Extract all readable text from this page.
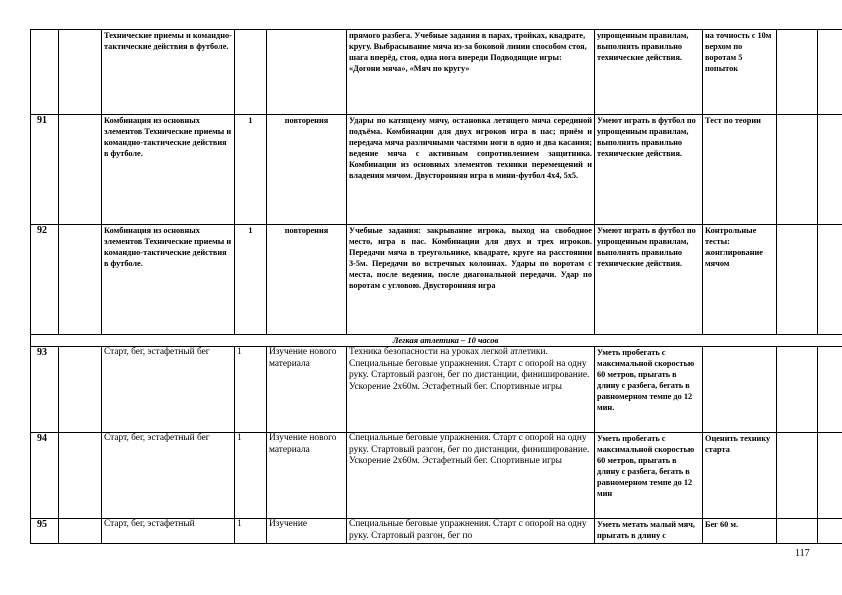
		Технические приемы и командно-тактические действия в футболе.			прямого разбега. Учебные задания в парах, тройках, квадрате, кругу. Выбрасывание мяча из-за боковой линии способом стоя, шага вперёд, стоя, одна нога впереди Подводящие игры: «Догони мяча», «Мяч по кругу»	упрощенным правилам, выполнять правильно технические действия.	на точность с 10м верхом по воротам 5 попыток		
91		Комбинация из основных элементов Технические приемы и командно-тактические действия в футболе.	1	повторения	Удары по катящему мячу, остановка летящего мяча серединой подъёма. Комбинации для двух игроков игра в пас; приём и передача мяча различными частями ноги в одно и два касания; ведение мяча с активным сопротивлением защитника. Комбинации из основных элементов техники перемещений и владения мячом. Двусторонняя игра в мини-футбол 4х4, 5х5.	Умеют играть в футбол по упрощенным правилам, выполнять правильно технические действия.	Тест по теории		
92		Комбинация из основных элементов Технические приемы и командно-тактические действия в футболе.	1	повторения	Учебные задания: закрывание игрока, выход на свободное место, игра в пас. Комбинации для двух и трех игроков. Передачи мяча в треугольнике, квадрате, круге на расстоянии 3-5м. Передачи во встречных колоннах. Удары по воротам с места, после ведения, после диагональной передачи. Удар по воротам с угловою. Двусторонняя игра	Умеют играть в футбол по упрощенным правилам, выполнять правильно технические действия.	Контрольные тесты: жонглирование мячом		
Легкая атлетика – 10 часов									
93		Старт, бег, эстафетный бег	1	Изучение нового материала	Техника безопасности на уроках легкой атлетики. Специальные беговые упражнения. Старт с опорой на одну руку. Стартовый разгон, бег по дистанции, финиширование. Ускорение 2х60м. Эстафетный бег. Спортивные игры	Уметь пробегать с максимальной скоростью 60 метров, прыгать в длину с разбега, бегать в равномерном темпе до 12 мин.			
94		Старт, бег, эстафетный бег	1	Изучение нового материала	Специальные беговые упражнения. Старт с опорой на одну руку. Стартовый разгон, бег по дистанции, финиширование. Ускорение 2х60м. Эстафетный бег. Спортивные игры	Уметь пробегать с максимальной скоростью 60 метров, прыгать в длину с разбега, бегать в равномерном темпе до 12 мин	Оценить технику старта		
95		Старт, бег, эстафетный	1	Изучение	Специальные беговые упражнения. Старт с опорой на одну руку. Стартовый разгон, бег по	Уметь метать малый мяч, прыгать в длину с	Бег 60 м.		
117
